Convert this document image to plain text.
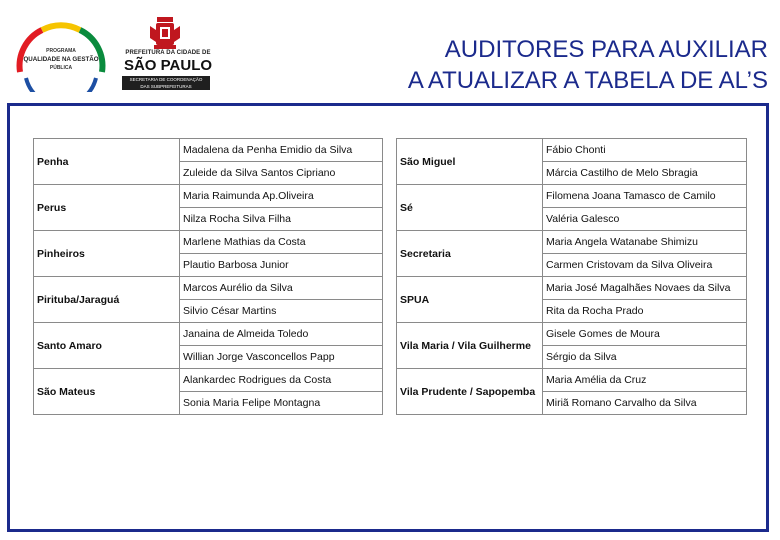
PROGRAMA
QUALIDADE NA GESTÃO
PÚBLICA
PREFEITURA DA CIDADE DE
SÃO PAULO
SECRETARIA DE COORDENAÇÃO
DAS SUBPREFEITURAS
AUDITORES PARA AUXILIAR
A ATUALIZAR A TABELA DE AL’S
Penha	Madalena da Penha Emidio da Silva
	Zuleide da Silva Santos Cipriano
Perus	Maria Raimunda Ap.Oliveira
	Nilza Rocha Silva Filha
Pinheiros	Marlene Mathias da Costa
	Plautio Barbosa Junior
Pirituba/Jaraguá	Marcos Aurélio da Silva
	Silvio César Martins
Santo Amaro	Janaina de Almeida Toledo
	Willian Jorge Vasconcellos Papp
São Mateus	Alankardec Rodrigues da Costa
	Sonia Maria Felipe Montagna
São Miguel	Fábio Chonti
	Márcia Castilho de Melo Sbragia
Sé	Filomena Joana Tamasco de Camilo
	Valéria Galesco
Secretaria	Maria Angela Watanabe Shimizu
	Carmen Cristovam da Silva Oliveira
SPUA	Maria José Magalhães Novaes da Silva
	Rita da Rocha Prado
Vila Maria / Vila Guilherme	Gisele Gomes de Moura
	Sérgio da Silva
Vila Prudente / Sapopemba	Maria Amélia da Cruz
	Miriã Romano Carvalho da Silva
